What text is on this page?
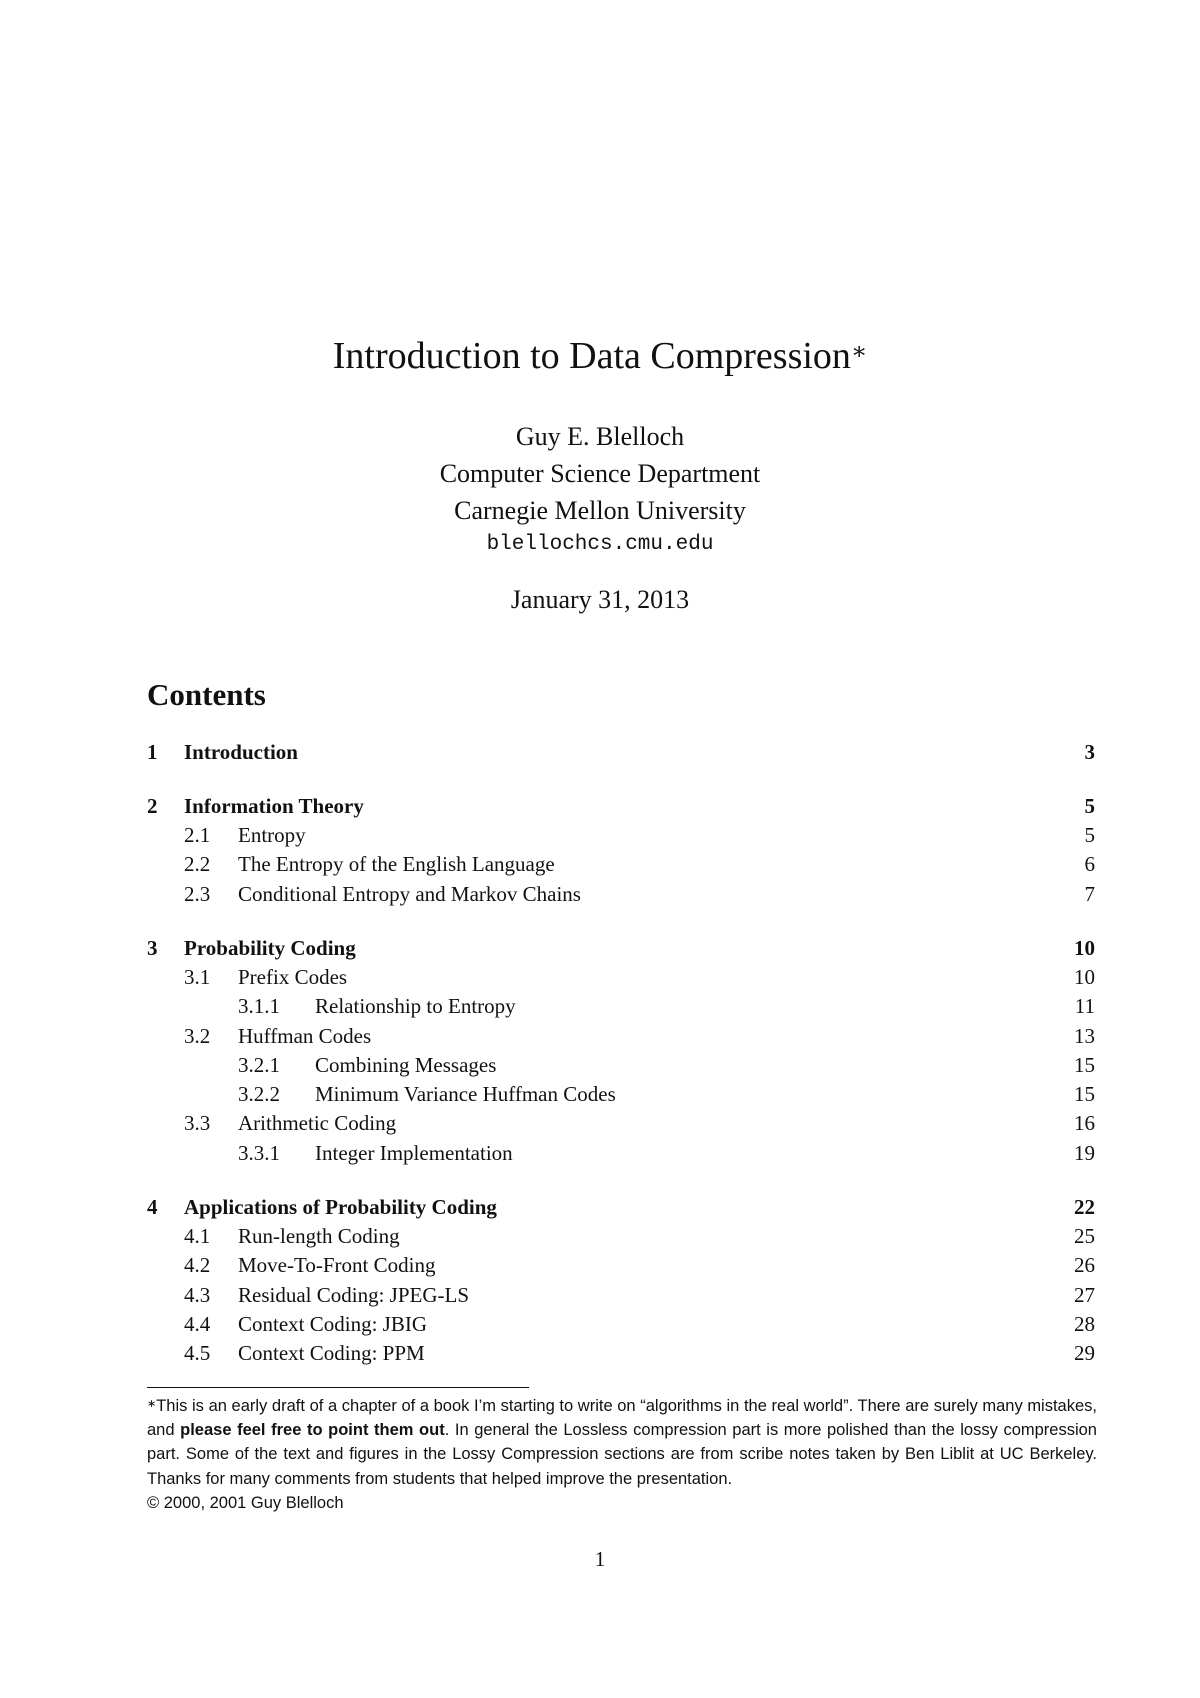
Introduction to Data Compression∗
Guy E. Blelloch
Computer Science Department
Carnegie Mellon University
blellochcs.cmu.edu
January 31, 2013
Contents
1 Introduction	3
2 Information Theory	5
2.1 Entropy	5
2.2 The Entropy of the English Language	6
2.3 Conditional Entropy and Markov Chains	7
3 Probability Coding	10
3.1 Prefix Codes	10
3.1.1 Relationship to Entropy	11
3.2 Huffman Codes	13
3.2.1 Combining Messages	15
3.2.2 Minimum Variance Huffman Codes	15
3.3 Arithmetic Coding	16
3.3.1 Integer Implementation	19
4 Applications of Probability Coding	22
4.1 Run-length Coding	25
4.2 Move-To-Front Coding	26
4.3 Residual Coding: JPEG-LS	27
4.4 Context Coding: JBIG	28
4.5 Context Coding: PPM	29

∗This is an early draft of a chapter of a book I’m starting to write on “algorithms in the real world”. There are surely many mistakes, and please feel free to point them out. In general the Lossless compression part is more polished than the lossy compression part. Some of the text and figures in the Lossy Compression sections are from scribe notes taken by Ben Liblit at UC Berkeley. Thanks for many comments from students that helped improve the presentation.

© 2000, 2001 Guy Blelloch

1
